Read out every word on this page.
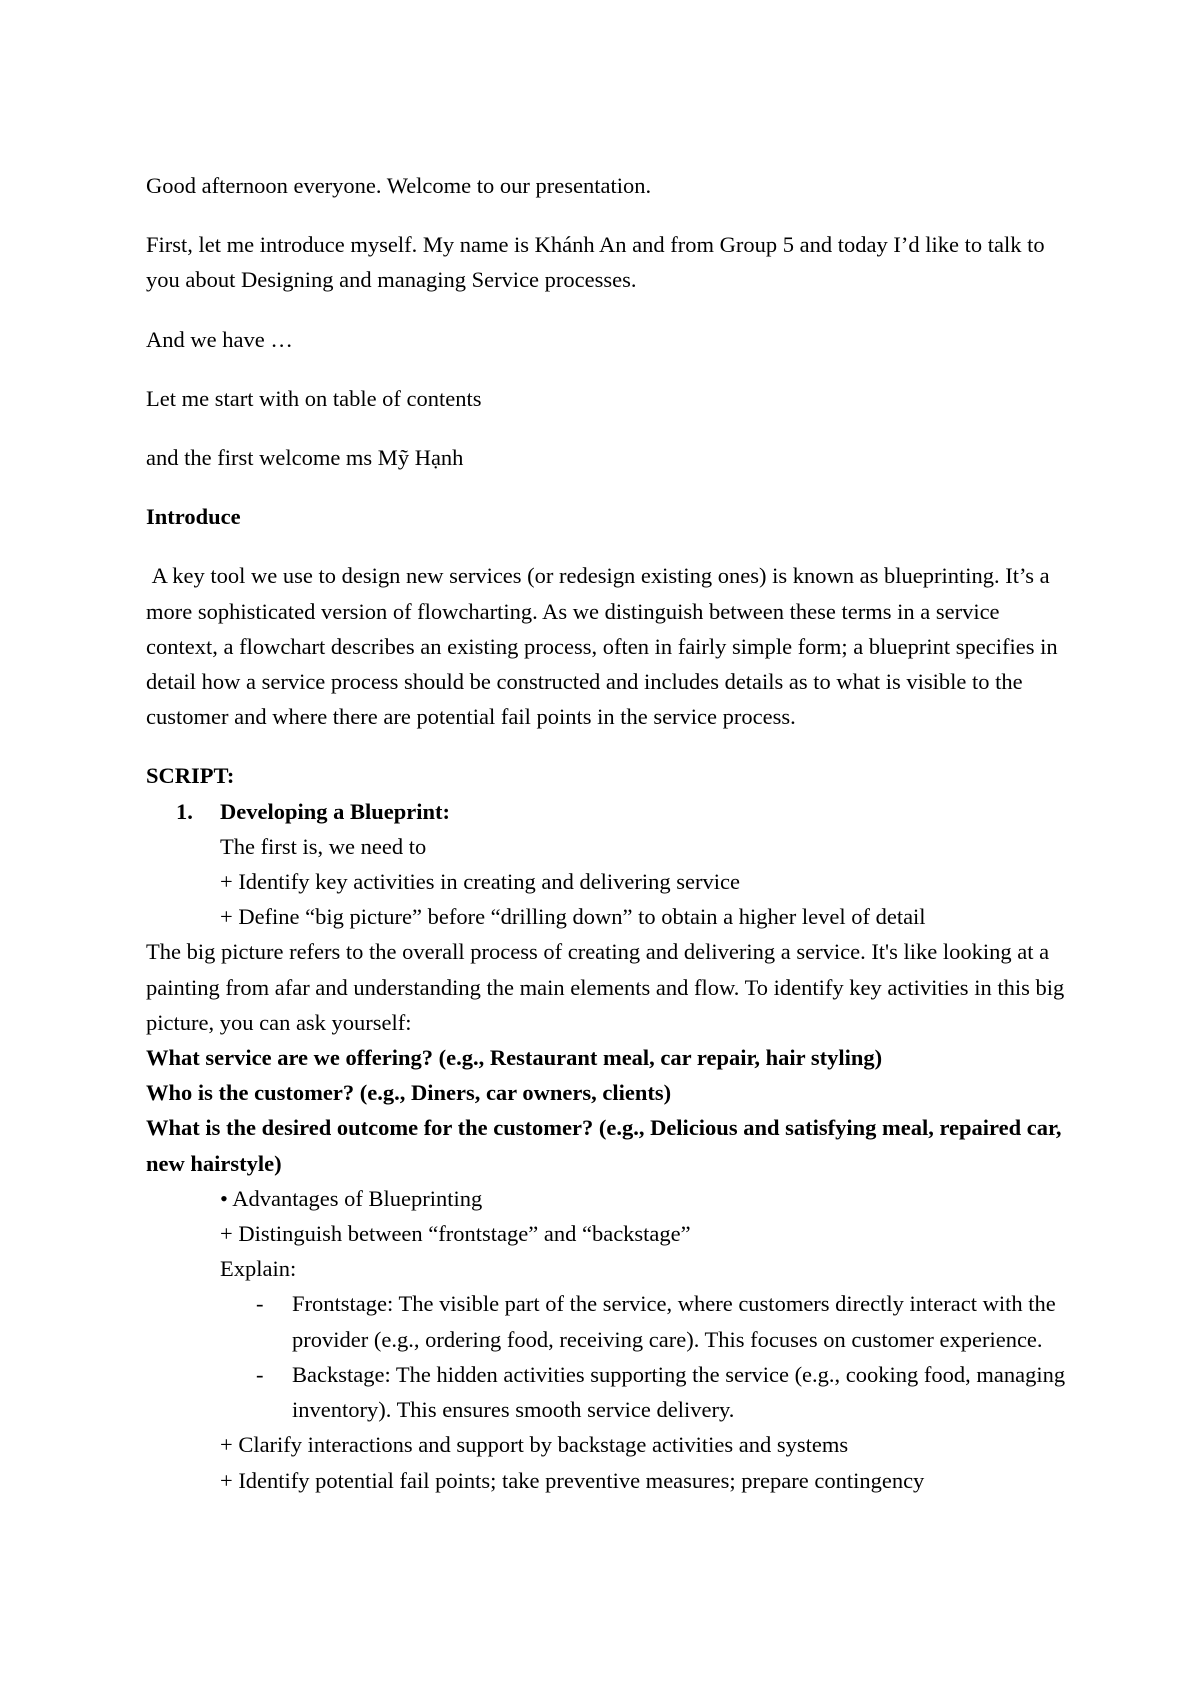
Good afternoon everyone. Welcome to our presentation.

First, let me introduce myself. My name is Khánh An and from Group 5 and today I’d like to talk to you about Designing and managing Service processes.

And we have …

Let me start with on table of contents

and the first welcome ms Mỹ Hạnh

Introduce

A key tool we use to design new services (or redesign existing ones) is known as blueprinting. It’s a more sophisticated version of flowcharting. As we distinguish between these terms in a service context, a flowchart describes an existing process, often in fairly simple form; a blueprint specifies in detail how a service process should be constructed and includes details as to what is visible to the customer and where there are potential fail points in the service process.

SCRIPT:

1.	Developing a Blueprint:

The first is, we need to

+ Identify key activities in creating and delivering service

+ Define “big picture” before “drilling down” to obtain a higher level of detail

The big picture refers to the overall process of creating and delivering a service. It's like looking at a painting from afar and understanding the main elements and flow. To identify key activities in this big picture, you can ask yourself:

What service are we offering? (e.g., Restaurant meal, car repair, hair styling)

Who is the customer? (e.g., Diners, car owners, clients)

What is the desired outcome for the customer? (e.g., Delicious and satisfying meal, repaired car, new hairstyle)

• Advantages of Blueprinting

+ Distinguish between “frontstage” and “backstage”

Explain:

-	Frontstage: The visible part of the service, where customers directly interact with the provider (e.g., ordering food, receiving care). This focuses on customer experience.
-	Backstage: The hidden activities supporting the service (e.g., cooking food, managing inventory). This ensures smooth service delivery.

+ Clarify interactions and support by backstage activities and systems

+ Identify potential fail points; take preventive measures; prepare contingency
